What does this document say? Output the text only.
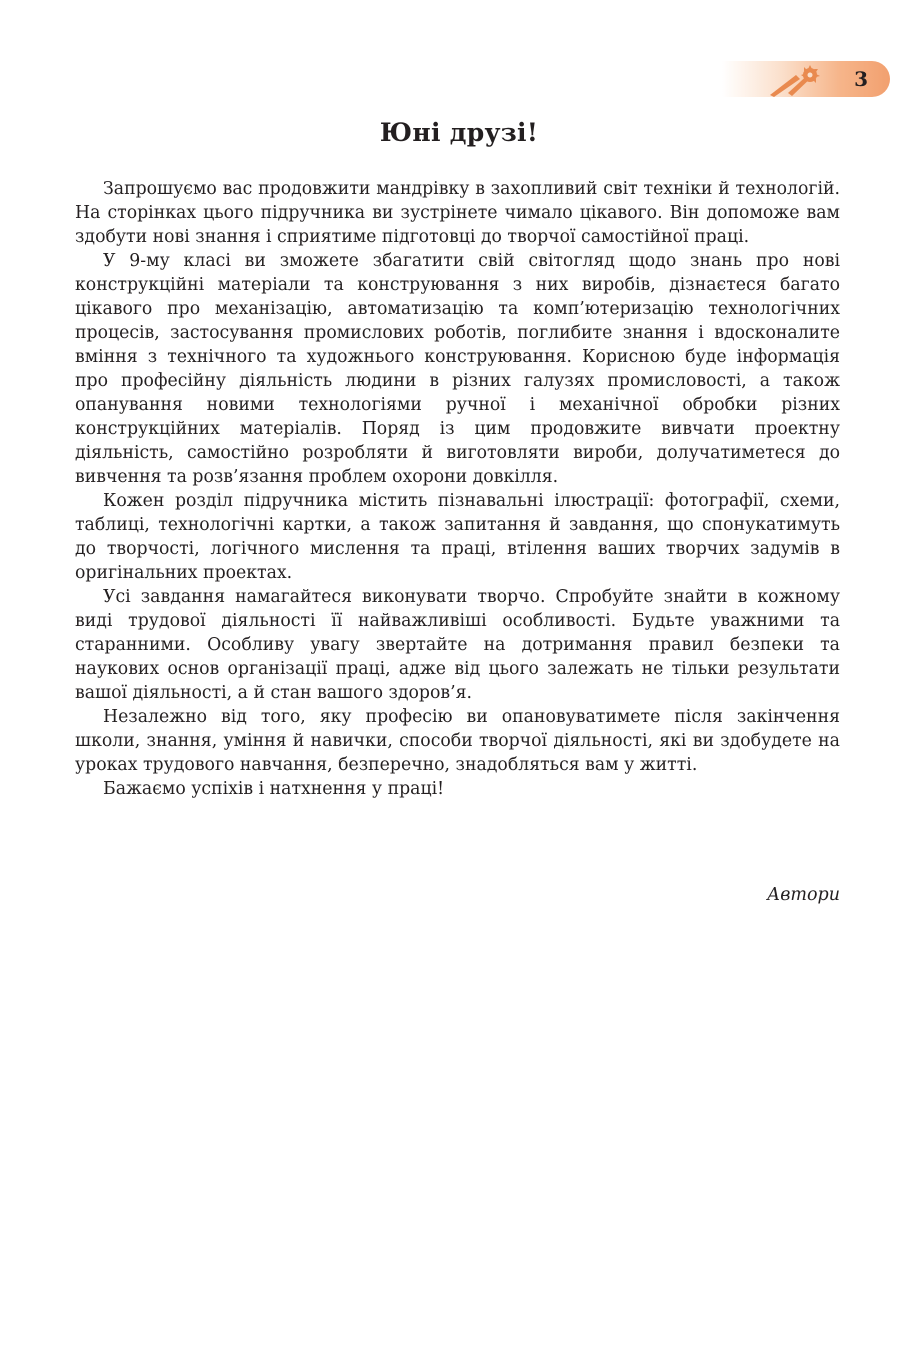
3
Юні друзі!

Запрошуємо вас продовжити мандрівку в захопливий світ техніки й технологій. На сторінках цього підручника ви зустрінете чимало цікавого. Він допоможе вам здобути нові знання і сприятиме підготовці до творчої самостійної праці.

У 9-му класі ви зможете збагатити свій світогляд щодо знань про нові конструкційні матеріали та конструювання з них виробів, дізнаєтеся багато цікавого про механізацію, автоматизацію та комп’ютеризацію технологічних процесів, застосування промислових роботів, поглибите знання і вдосконалите вміння з технічного та художнього конструювання. Корисною буде інформація про професійну діяльність людини в різних галузях промисловості, а також опанування новими технологіями ручної і механічної обробки різних конструкційних матеріалів. Поряд із цим продовжите вивчати проектну діяльність, самостійно розробляти й виготовляти вироби, долучатиметеся до вивчення та розв’язання проблем охорони довкілля.

Кожен розділ підручника містить пізнавальні ілюстрації: фотографії, схеми, таблиці, технологічні картки, а також запитання й завдання, що спонукатимуть до творчості, логічного мислення та праці, втілення ваших творчих задумів в оригінальних проектах.

Усі завдання намагайтеся виконувати творчо. Спробуйте знайти в кожному виді трудової діяльності її найважливіші особливості. Будьте уважними та старанними. Особливу увагу звертайте на дотримання правил безпеки та наукових основ організації праці, адже від цього залежать не тільки результати вашої діяльності, а й стан вашого здоров’я.

Незалежно від того, яку професію ви опановуватимете після закінчення школи, знання, уміння й навички, способи творчої діяльності, які ви здобудете на уроках трудового навчання, безперечно, знадобляться вам у житті.

Бажаємо успіхів і натхнення у праці!

Автори
